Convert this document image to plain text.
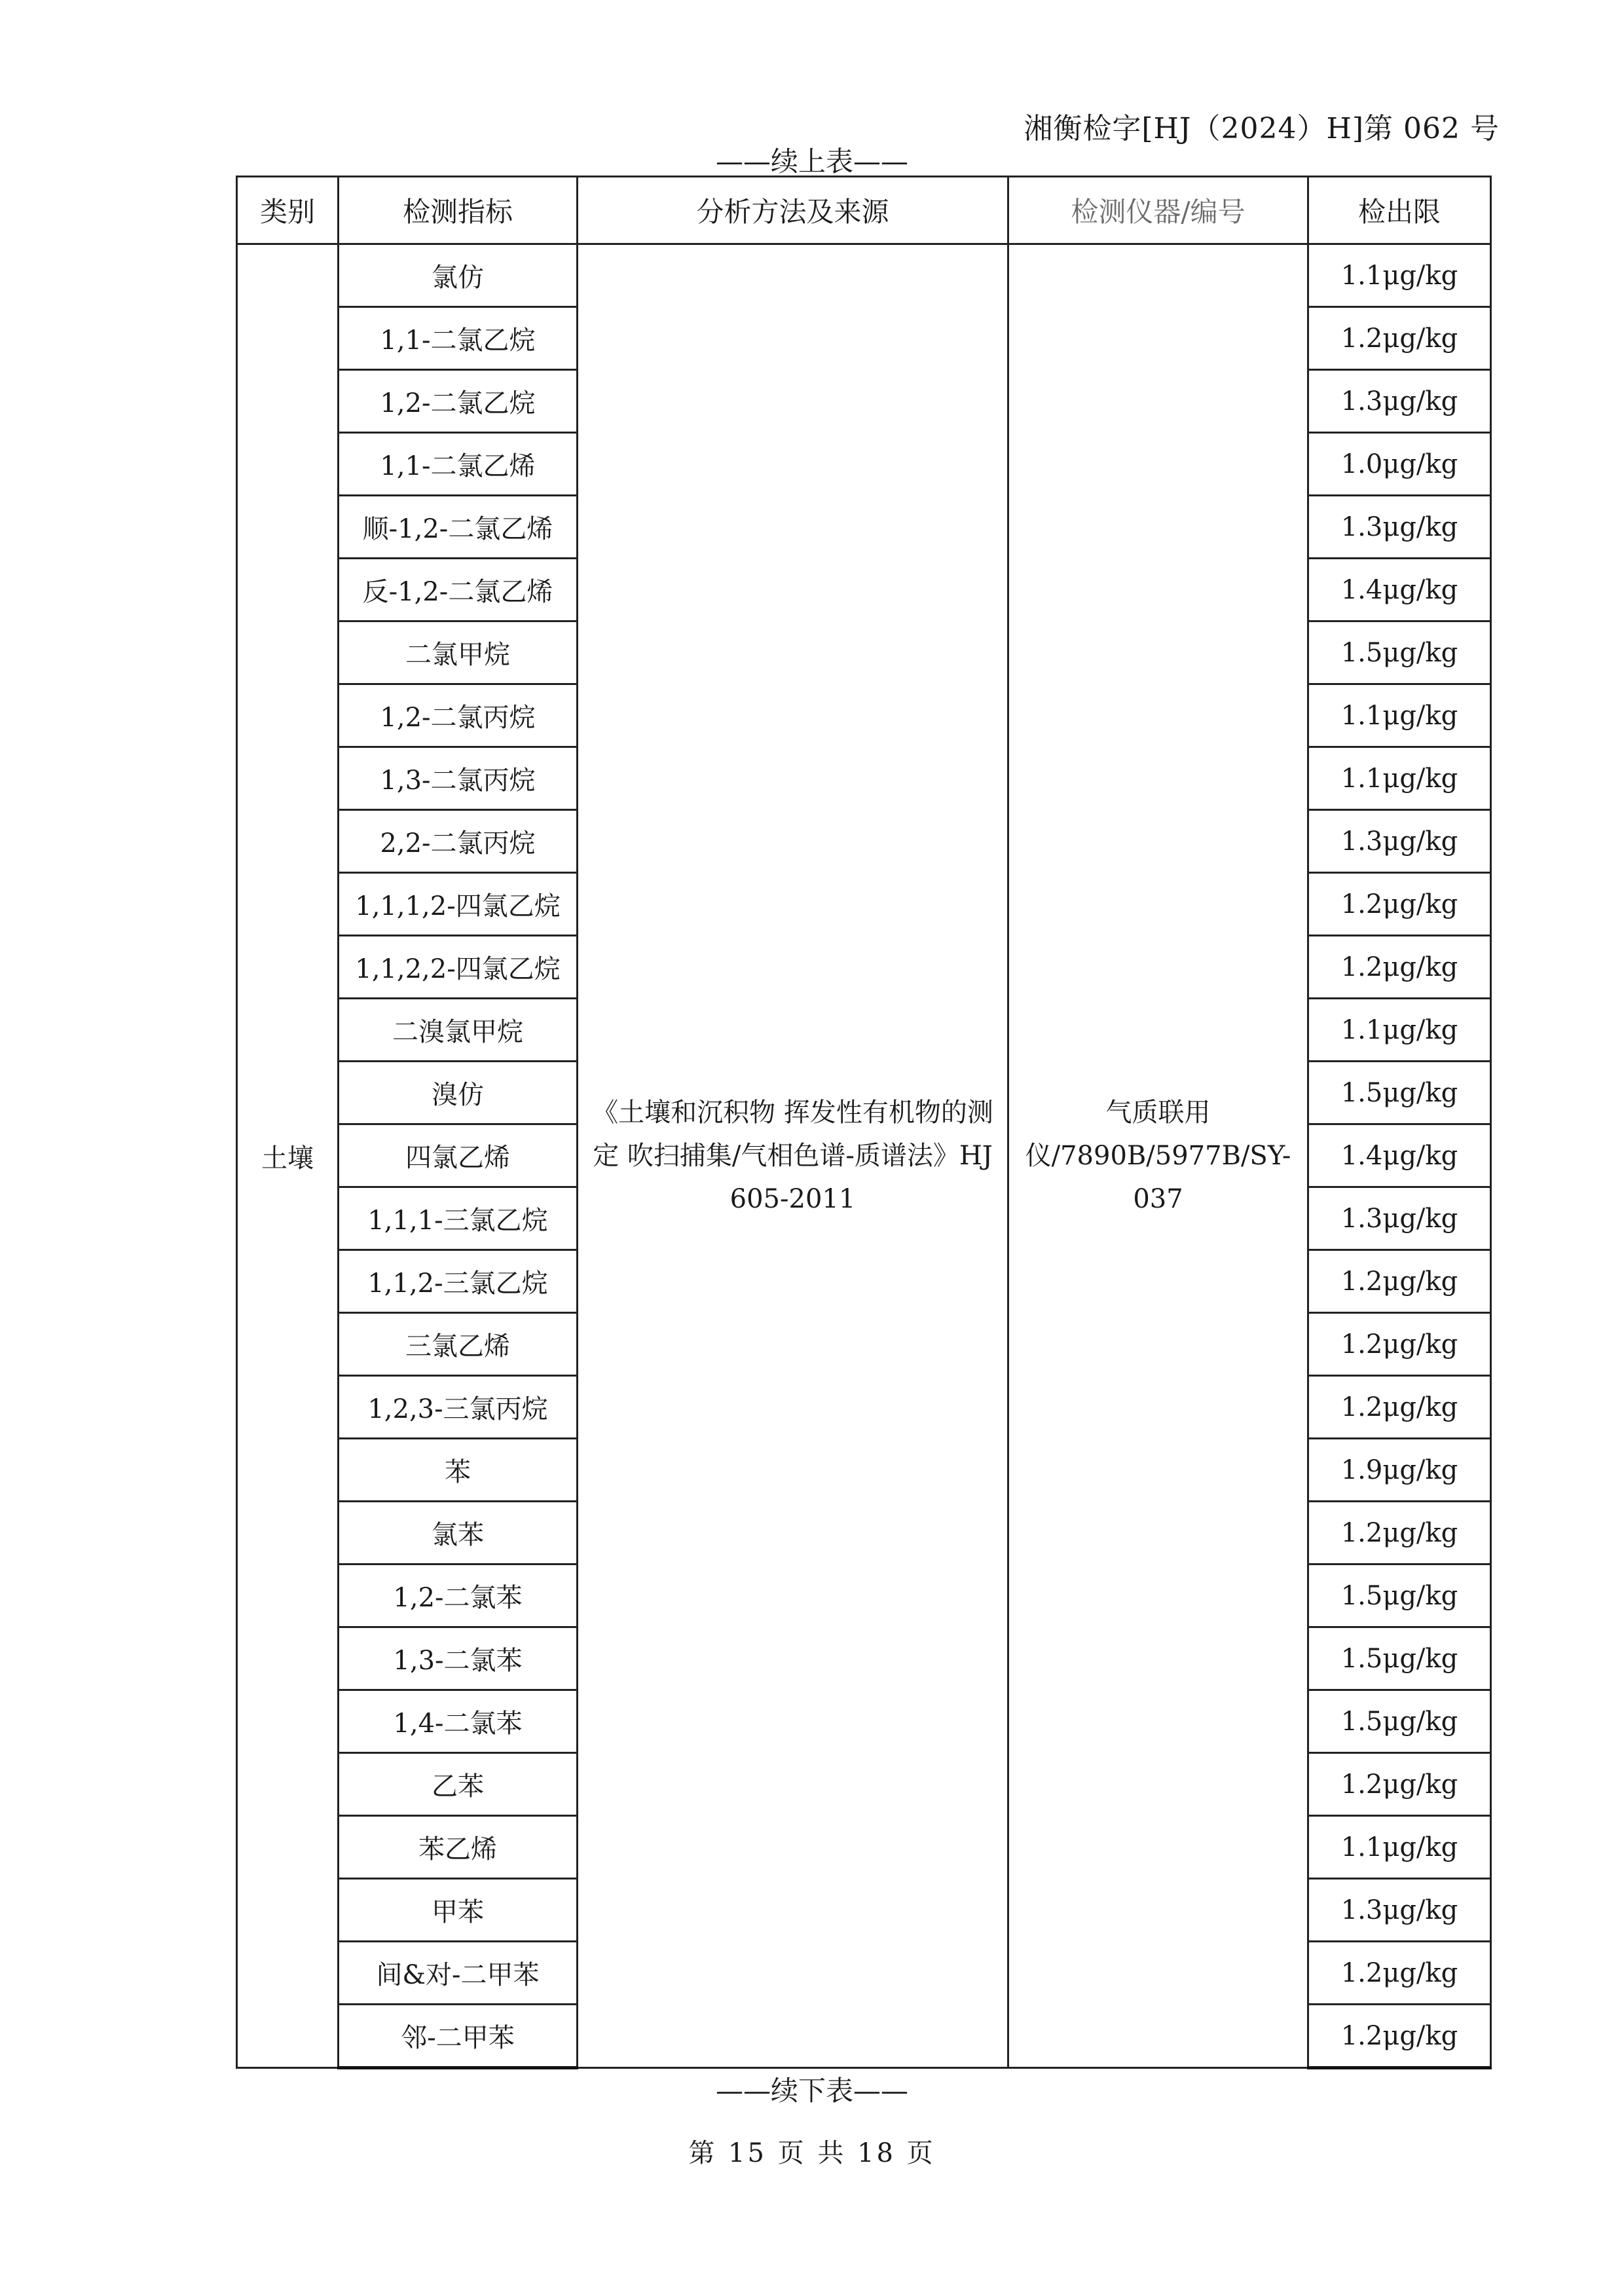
湘衡检字[HJ（2024）H]第 062 号
——续上表——
类别	检测指标	分析方法及来源	检测仪器/编号	检出限
土壤	氯仿	《土壤和沉积物 挥发性有机物的测定 吹扫捕集/气相色谱-质谱法》HJ 605-2011	气质联用仪/7890B/5977B/SY-037	1.1μg/kg
	1,1-二氯乙烷			1.2μg/kg
	1,2-二氯乙烷			1.3μg/kg
	1,1-二氯乙烯			1.0μg/kg
	顺-1,2-二氯乙烯			1.3μg/kg
	反-1,2-二氯乙烯			1.4μg/kg
	二氯甲烷			1.5μg/kg
	1,2-二氯丙烷			1.1μg/kg
	1,3-二氯丙烷			1.1μg/kg
	2,2-二氯丙烷			1.3μg/kg
	1,1,1,2-四氯乙烷			1.2μg/kg
	1,1,2,2-四氯乙烷			1.2μg/kg
	二溴氯甲烷			1.1μg/kg
	溴仿			1.5μg/kg
	四氯乙烯			1.4μg/kg
	1,1,1-三氯乙烷			1.3μg/kg
	1,1,2-三氯乙烷			1.2μg/kg
	三氯乙烯			1.2μg/kg
	1,2,3-三氯丙烷			1.2μg/kg
	苯			1.9μg/kg
	氯苯			1.2μg/kg
	1,2-二氯苯			1.5μg/kg
	1,3-二氯苯			1.5μg/kg
	1,4-二氯苯			1.5μg/kg
	乙苯			1.2μg/kg
	苯乙烯			1.1μg/kg
	甲苯			1.3μg/kg
	间&对-二甲苯			1.2μg/kg
	邻-二甲苯			1.2μg/kg
——续下表——
第 15 页 共 18 页
